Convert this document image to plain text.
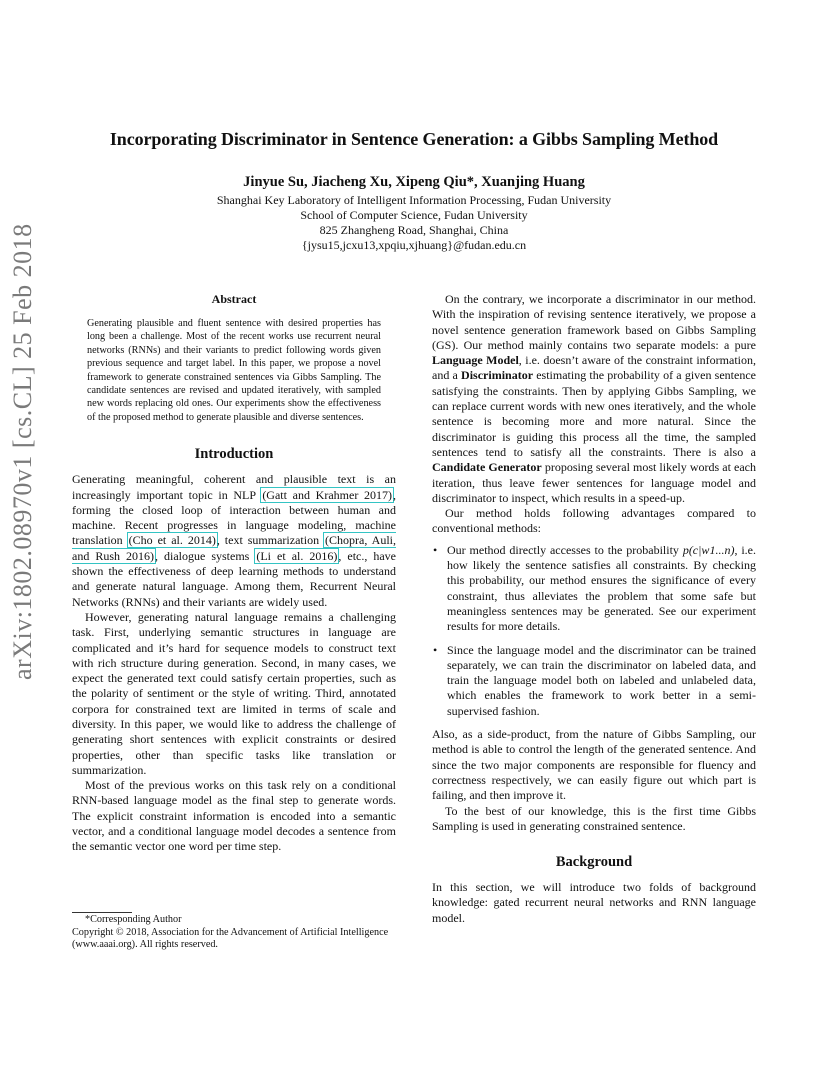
arXiv:1802.08970v1 [cs.CL] 25 Feb 2018
Incorporating Discriminator in Sentence Generation: a Gibbs Sampling Method
Jinyue Su, Jiacheng Xu, Xipeng Qiu*, Xuanjing Huang
Shanghai Key Laboratory of Intelligent Information Processing, Fudan University
School of Computer Science, Fudan University
825 Zhangheng Road, Shanghai, China
{jysu15,jcxu13,xpqiu,xjhuang}@fudan.edu.cn
Abstract
Generating plausible and fluent sentence with desired properties has long been a challenge. Most of the recent works use recurrent neural networks (RNNs) and their variants to predict following words given previous sequence and target label. In this paper, we propose a novel framework to generate constrained sentences via Gibbs Sampling. The candidate sentences are revised and updated iteratively, with sampled new words replacing old ones. Our experiments show the effectiveness of the proposed method to generate plausible and diverse sentences.
Introduction

Generating meaningful, coherent and plausible text is an increasingly important topic in NLP (Gatt and Krahmer 2017), forming the closed loop of interaction between human and machine. Recent progresses in language modeling, machine translation (Cho et al. 2014), text summarization (Chopra, Auli, and Rush 2016), dialogue systems (Li et al. 2016), etc., have shown the effectiveness of deep learning methods to understand and generate natural language. Among them, Recurrent Neural Networks (RNNs) and their variants are widely used.

However, generating natural language remains a challenging task. First, underlying semantic structures in language are complicated and it’s hard for sequence models to construct text with rich structure during generation. Second, in many cases, we expect the generated text could satisfy certain properties, such as the polarity of sentiment or the style of writing. Third, annotated corpora for constrained text are limited in terms of scale and diversity. In this paper, we would like to address the challenge of generating short sentences with explicit constraints or desired properties, other than specific tasks like translation or summarization.

Most of the previous works on this task rely on a conditional RNN-based language model as the final step to generate words. The explicit constraint information is encoded into a semantic vector, and a conditional language model decodes a sentence from the semantic vector one word per time step.

*Corresponding Author
Copyright © 2018, Association for the Advancement of Artificial Intelligence (www.aaai.org). All rights reserved.

On the contrary, we incorporate a discriminator in our method. With the inspiration of revising sentence iteratively, we propose a novel sentence generation framework based on Gibbs Sampling (GS). Our method mainly contains two separate models: a pure Language Model, i.e. doesn’t aware of the constraint information, and a Discriminator estimating the probability of a given sentence satisfying the constraints. Then by applying Gibbs Sampling, we can replace current words with new ones iteratively, and the whole sentence is becoming more and more natural. Since the discriminator is guiding this process all the time, the sampled sentences tend to satisfy all the constraints. There is also a Candidate Generator proposing several most likely words at each iteration, thus leave fewer sentences for language model and discriminator to inspect, which results in a speed-up.

Our method holds following advantages compared to conventional methods:

• Our method directly accesses to the probability p(c|w1...n), i.e. how likely the sentence satisfies all constraints. By checking this probability, our method ensures the significance of every constraint, thus alleviates the problem that some safe but meaningless sentences may be generated. See our experiment results for more details.
• Since the language model and the discriminator can be trained separately, we can train the discriminator on labeled data, and train the language model both on labeled and unlabeled data, which enables the framework to work better in a semi-supervised fashion.

Also, as a side-product, from the nature of Gibbs Sampling, our method is able to control the length of the generated sentence. And since the two major components are responsible for fluency and correctness respectively, we can easily figure out which part is failing, and then improve it.

To the best of our knowledge, this is the first time Gibbs Sampling is used in generating constrained sentence.

Background

In this section, we will introduce two folds of background knowledge: gated recurrent neural networks and RNN language model.
